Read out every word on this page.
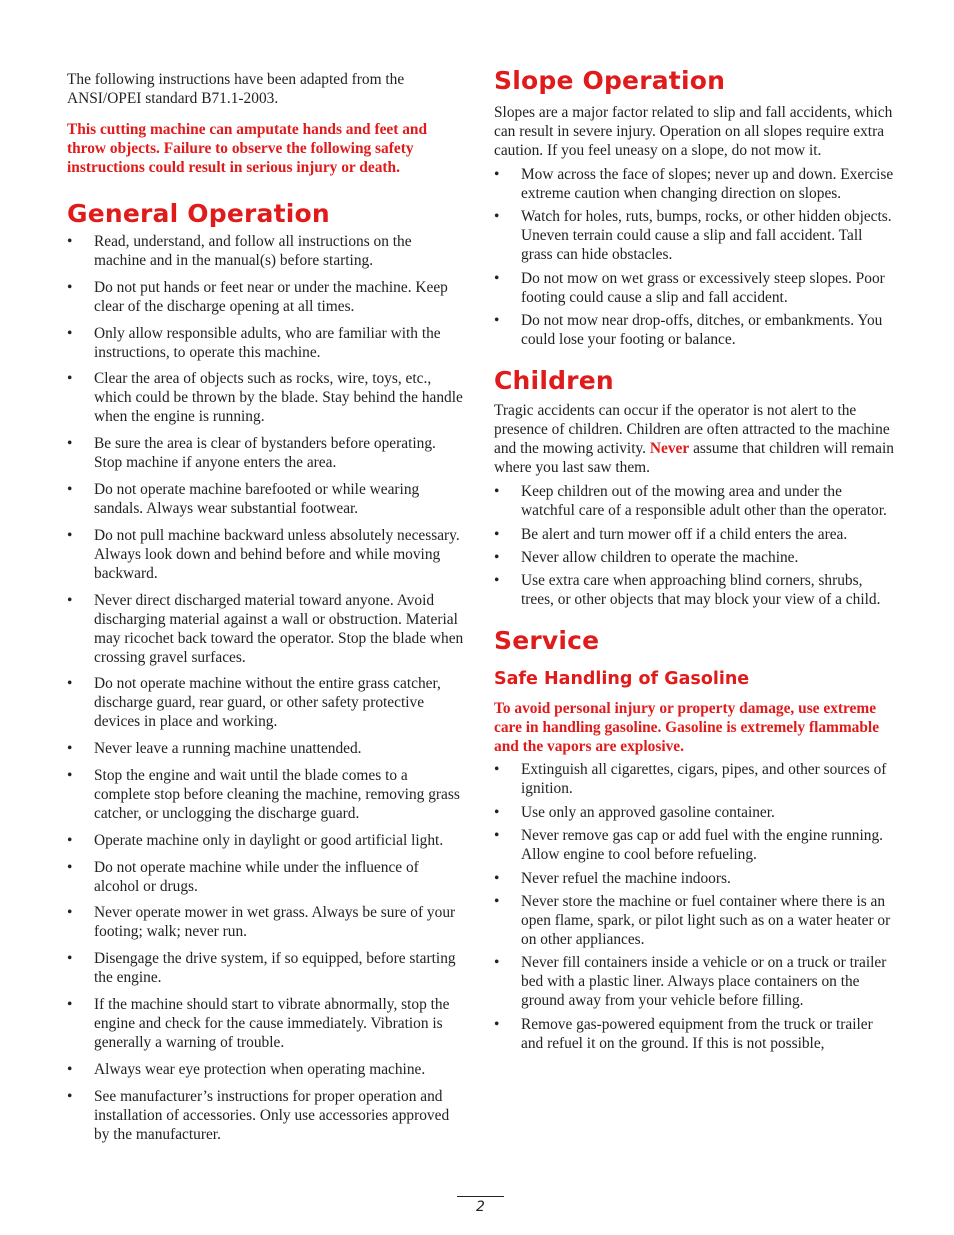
The following instructions have been adapted from the ANSI/OPEI standard B71.1-2003.

This cutting machine can amputate hands and feet and throw objects. Failure to observe the following safety instructions could result in serious injury or death.

General Operation
• Read, understand, and follow all instructions on the machine and in the manual(s) before starting.
• Do not put hands or feet near or under the machine. Keep clear of the discharge opening at all times.
• Only allow responsible adults, who are familiar with the instructions, to operate this machine.
• Clear the area of objects such as rocks, wire, toys, etc., which could be thrown by the blade. Stay behind the handle when the engine is running.
• Be sure the area is clear of bystanders before operating. Stop machine if anyone enters the area.
• Do not operate machine barefooted or while wearing sandals. Always wear substantial footwear.
• Do not pull machine backward unless absolutely necessary. Always look down and behind before and while moving backward.
• Never direct discharged material toward anyone. Avoid discharging material against a wall or obstruction. Material may ricochet back toward the operator. Stop the blade when crossing gravel surfaces.
• Do not operate machine without the entire grass catcher, discharge guard, rear guard, or other safety protective devices in place and working.
• Never leave a running machine unattended.
• Stop the engine and wait until the blade comes to a complete stop before cleaning the machine, removing grass catcher, or unclogging the discharge guard.
• Operate machine only in daylight or good artificial light.
• Do not operate machine while under the influence of alcohol or drugs.
• Never operate mower in wet grass. Always be sure of your footing; walk; never run.
• Disengage the drive system, if so equipped, before starting the engine.
• If the machine should start to vibrate abnormally, stop the engine and check for the cause immediately. Vibration is generally a warning of trouble.
• Always wear eye protection when operating machine.
• See manufacturer’s instructions for proper operation and installation of accessories. Only use accessories approved by the manufacturer.
Slope Operation

Slopes are a major factor related to slip and fall accidents, which can result in severe injury. Operation on all slopes require extra caution. If you feel uneasy on a slope, do not mow it.

• Mow across the face of slopes; never up and down. Exercise extreme caution when changing direction on slopes.
• Watch for holes, ruts, bumps, rocks, or other hidden objects. Uneven terrain could cause a slip and fall accident. Tall grass can hide obstacles.
• Do not mow on wet grass or excessively steep slopes. Poor footing could cause a slip and fall accident.
• Do not mow near drop-offs, ditches, or embankments. You could lose your footing or balance.
Children

Tragic accidents can occur if the operator is not alert to the presence of children. Children are often attracted to the machine and the mowing activity. Never assume that children will remain where you last saw them.

• Keep children out of the mowing area and under the watchful care of a responsible adult other than the operator.
• Be alert and turn mower off if a child enters the area.
• Never allow children to operate the machine.
• Use extra care when approaching blind corners, shrubs, trees, or other objects that may block your view of a child.
Service
Safe Handling of Gasoline

To avoid personal injury or property damage, use extreme care in handling gasoline. Gasoline is extremely flammable and the vapors are explosive.

• Extinguish all cigarettes, cigars, pipes, and other sources of ignition.
• Use only an approved gasoline container.
• Never remove gas cap or add fuel with the engine running. Allow engine to cool before refueling.
• Never refuel the machine indoors.
• Never store the machine or fuel container where there is an open flame, spark, or pilot light such as on a water heater or on other appliances.
• Never fill containers inside a vehicle or on a truck or trailer bed with a plastic liner. Always place containers on the ground away from your vehicle before filling.
• Remove gas-powered equipment from the truck or trailer and refuel it on the ground. If this is not possible,
2
